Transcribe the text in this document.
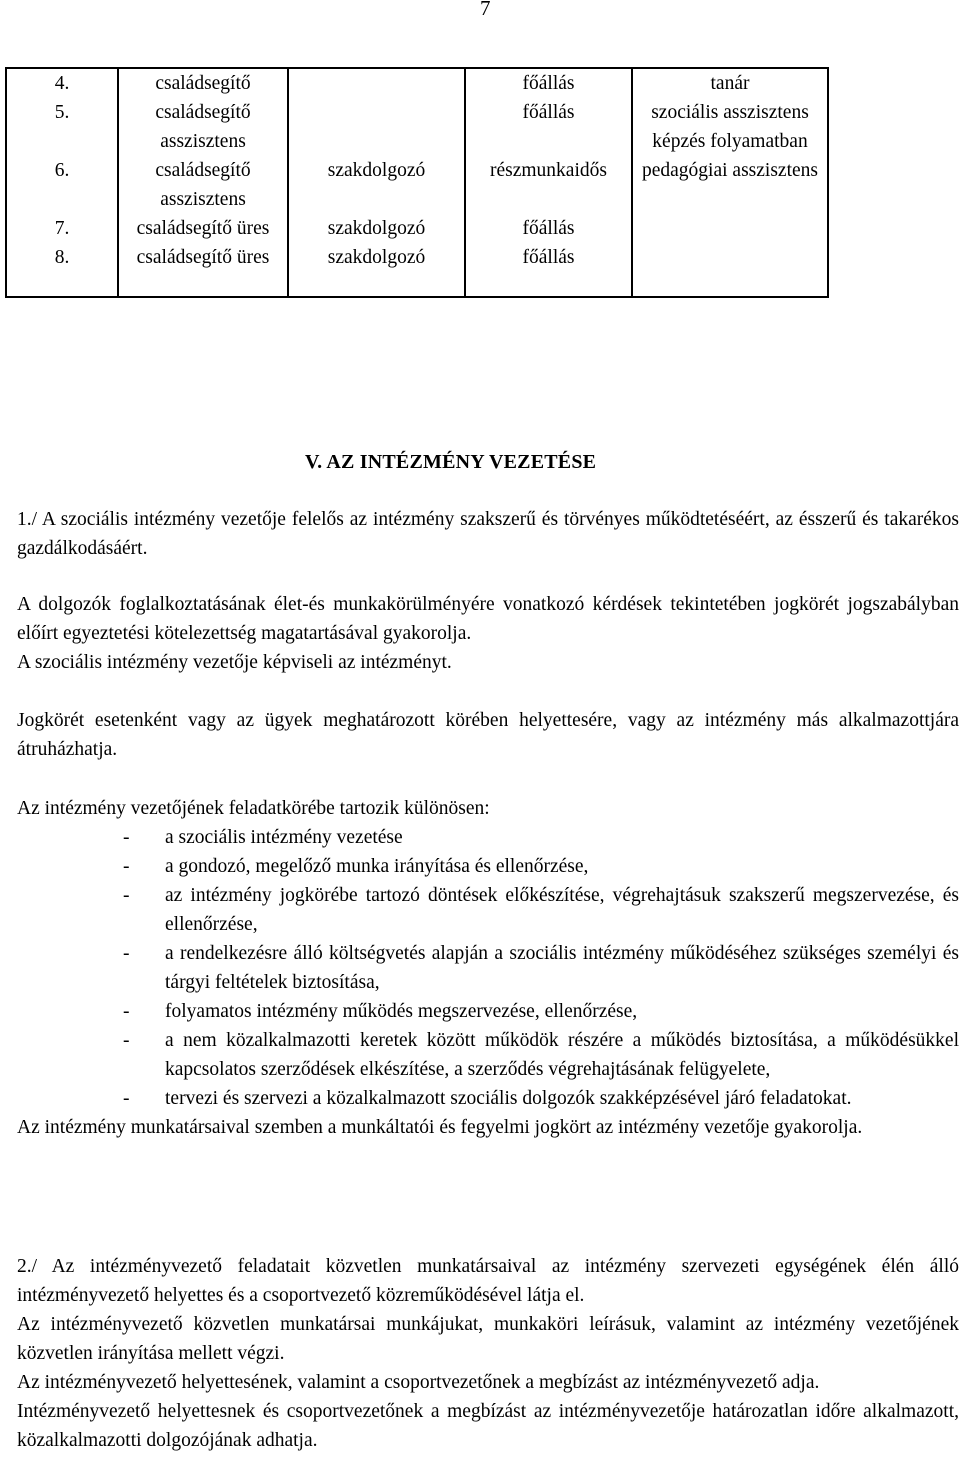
7
4.	családsegítő		főállás	tanár
5.	családsegítő asszisztens		főállás	szociális asszisztens képzés folyamatban
6.	családsegítő asszisztens	szakdolgozó	részmunkaidős	pedagógiai asszisztens
7.	családsegítő üres	szakdolgozó	főállás	
8.	családsegítő üres	szakdolgozó	főállás	
V. AZ INTÉZMÉNY VEZETÉSE

1./ A szociális intézmény vezetője felelős az intézmény szakszerű és törvényes működtetéséért, az ésszerű és takarékos gazdálkodásáért.

A dolgozók foglalkoztatásának élet-és munkakörülményére vonatkozó kérdések tekintetében jogkörét jogszabályban előírt egyeztetési kötelezettség magatartásával gyakorolja.

A szociális intézmény vezetője képviseli az intézményt.

Jogkörét esetenként vagy az ügyek meghatározott körében helyettesére, vagy az intézmény más alkalmazottjára átruházhatja.

Az intézmény vezetőjének feladatkörébe tartozik különösen:

- a szociális intézmény vezetése
- a gondozó, megelőző munka irányítása és ellenőrzése,
- az intézmény jogkörébe tartozó döntések előkészítése, végrehajtásuk szakszerű megszervezése, és ellenőrzése,
- a rendelkezésre álló költségvetés alapján a szociális intézmény működéséhez szükséges személyi és tárgyi feltételek biztosítása,
- folyamatos intézmény működés megszervezése, ellenőrzése,
- a nem közalkalmazotti keretek között működök részére a működés biztosítása, a működésükkel kapcsolatos szerződések elkészítése, a szerződés végrehajtásának felügyelete,
- tervezi és szervezi a közalkalmazott szociális dolgozók szakképzésével járó feladatokat.

Az intézmény munkatársaival szemben a munkáltatói és fegyelmi jogkört az intézmény vezetője gyakorolja.

2./ Az intézményvezető feladatait közvetlen munkatársaival az intézmény szervezeti egységének élén álló intézményvezető helyettes és a csoportvezető közreműködésével látja el.

Az intézményvezető közvetlen munkatársai munkájukat, munkaköri leírásuk, valamint az intézmény vezetőjének közvetlen irányítása mellett végzi.

Az intézményvezető helyettesének, valamint a csoportvezetőnek a megbízást az intézményvezető adja.

Intézményvezető helyettesnek és csoportvezetőnek a megbízást az intézményvezetője határozatlan időre alkalmazott, közalkalmazotti dolgozójának adhatja.
